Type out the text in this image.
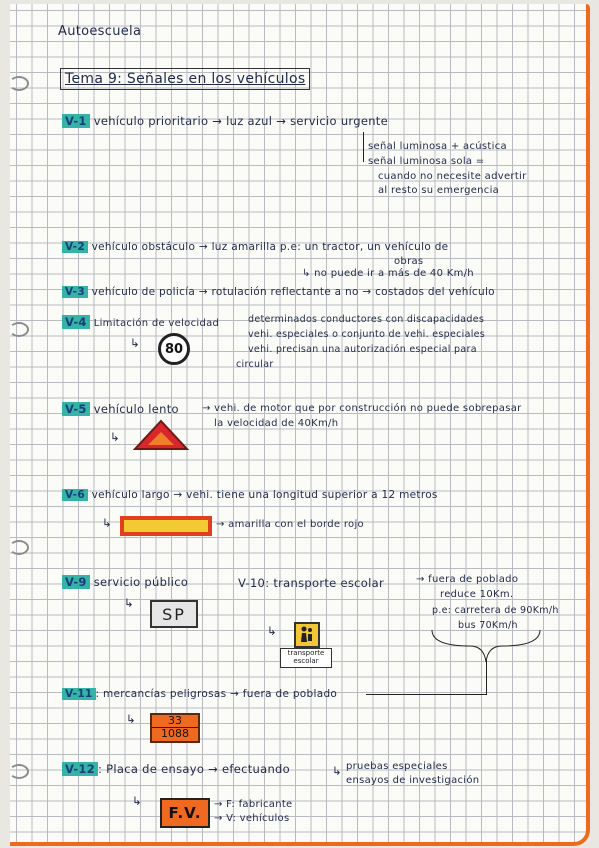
Autoescuela
Tema 9: Señales en los vehículos
V-1 vehículo prioritario → luz azul → servicio urgente
señal luminosa + acústica
señal luminosa sola =
cuando no necesite advertir
al resto su emergencia
V-2 vehículo obstáculo → luz amarilla p.e: un tractor, un vehículo de
obras
↳ no puede ir a más de 40 Km/h
V-3 vehículo de policía → rotulación reflectante a no → costados del vehículo
V-4 Limitación de velocidad	determinados conductores con discapacidades
vehi. especiales o conjunto de vehi. especiales
vehi. precisan una autorización especial para
circular
↳	80
V-5 vehículo lento → vehi. de motor que por construcción no puede sobrepasar
la velocidad de 40Km/h
↳
V-6 vehículo largo → vehi. tiene una longitud superior a 12 metros
↳	→ amarilla con el borde rojo
V-9 servicio público
↳
SP
V-10: transporte escolar	→ fuera de poblado
reduce 10Km.
p.e: carretera de 90Km/h
bus 70Km/h
↳
transporte escolar
V-11 : mercancías peligrosas → fuera de poblado
↳	33
1088
V-12 : Placa de ensayo → efectuando	pruebas especiales
ensayos de investigación
↳
↳
F.V.	→ F: fabricante
→ V: vehículos
